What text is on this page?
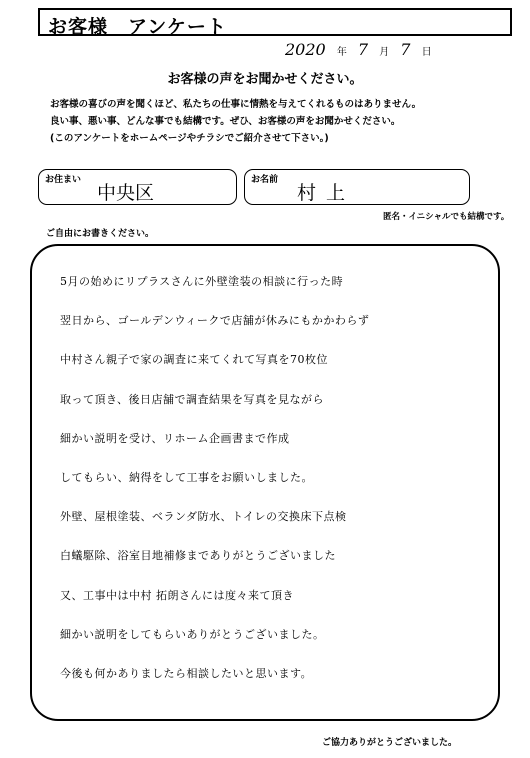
お客様　アンケート
2020 年 7 月 7 日
お客様の声をお聞かせください。
お客様の喜びの声を聞くほど、私たちの仕事に情熱を与えてくれるものはありません。
良い事、悪い事、どんな事でも結構です。ぜひ、お客様の声をお聞かせください。
(このアンケートをホームページやチラシでご紹介させて下さい。)
お住まい
中央区
お名前
村上
匿名・イニシャルでも結構です。
ご自由にお書きください。
5月の始めにリプラスさんに外壁塗装の相談に行った時
翌日から、ゴールデンウィークで店舗が休みにもかかわらず
中村さん親子で家の調査に来てくれて写真を70枚位
取って頂き、後日店舗で調査結果を写真を見ながら
細かい説明を受け、リホーム企画書まで作成
してもらい、納得をして工事をお願いしました。
外壁、屋根塗装、ベランダ防水、トイレの交換床下点検
白蟻駆除、浴室目地補修までありがとうございました
又、工事中は中村 拓朗さんには度々来て頂き
細かい説明をしてもらいありがとうございました。
今後も何かありましたら相談したいと思います。
ご協力ありがとうございました。
